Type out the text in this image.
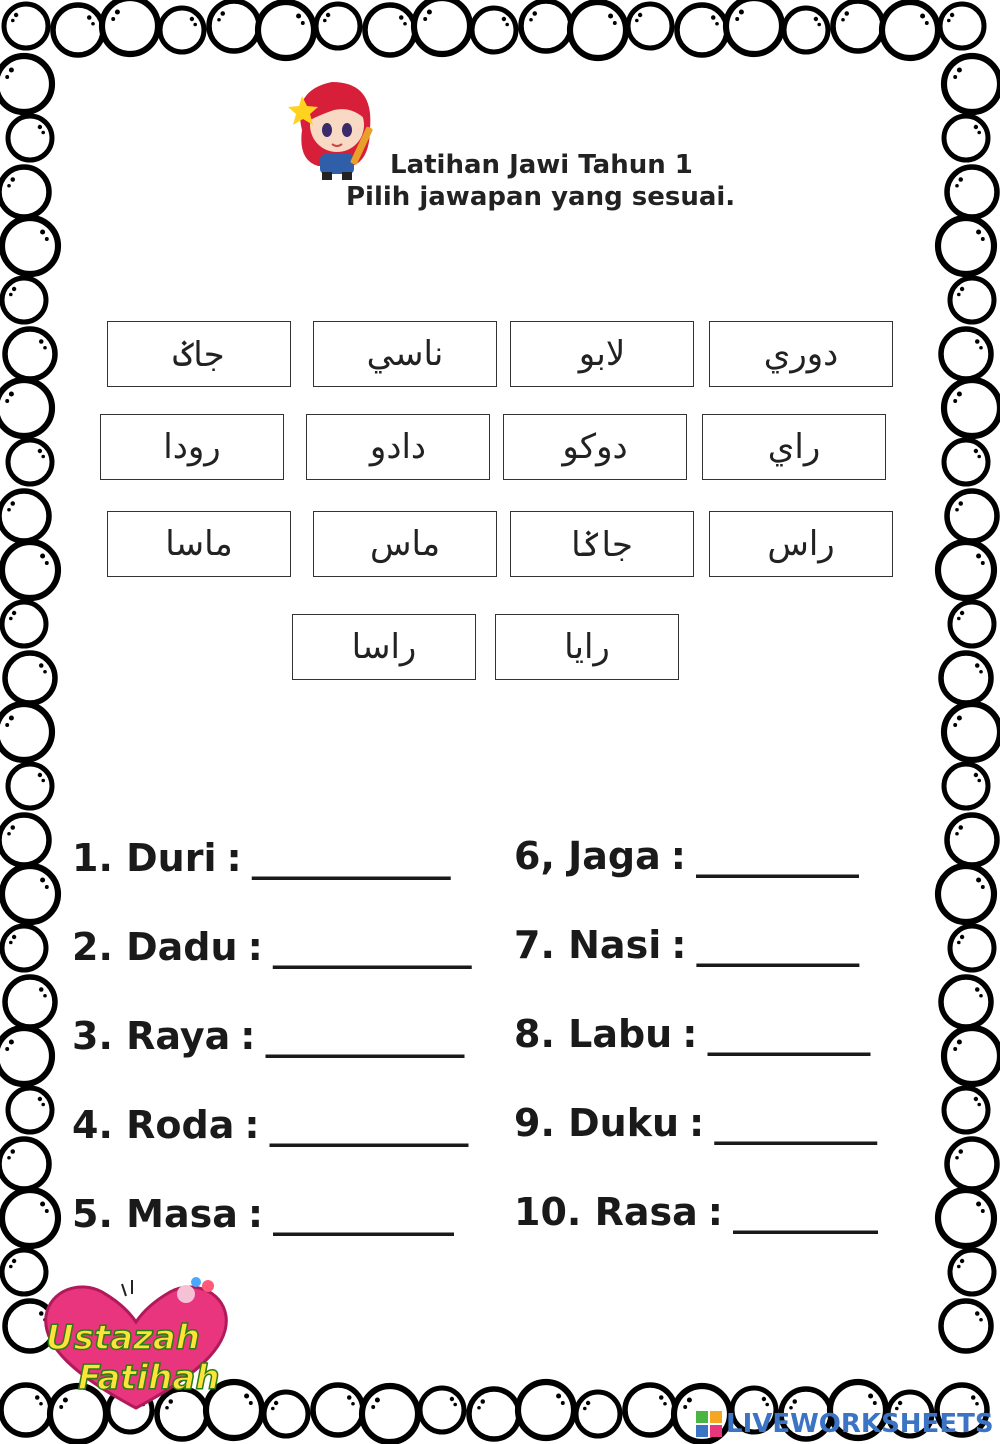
Latihan Jawi Tahun 1
Pilih jawapan yang sesuai.
جاݢ	ناسي	لابو	دوري
رودا	دادو	دوكو	راي
ماسا	ماس	جاݢا	راس
راسا	رايا
1. Duri : ___________
2. Dadu : ___________
3. Raya : ___________
4. Roda : ___________
5. Masa : __________
6, Jaga : _________
7. Nasi : _________
8. Labu : _________
9. Duku : _________
10. Rasa : ________
Ustazah
Fatihah
LIVEWORKSHEETS
